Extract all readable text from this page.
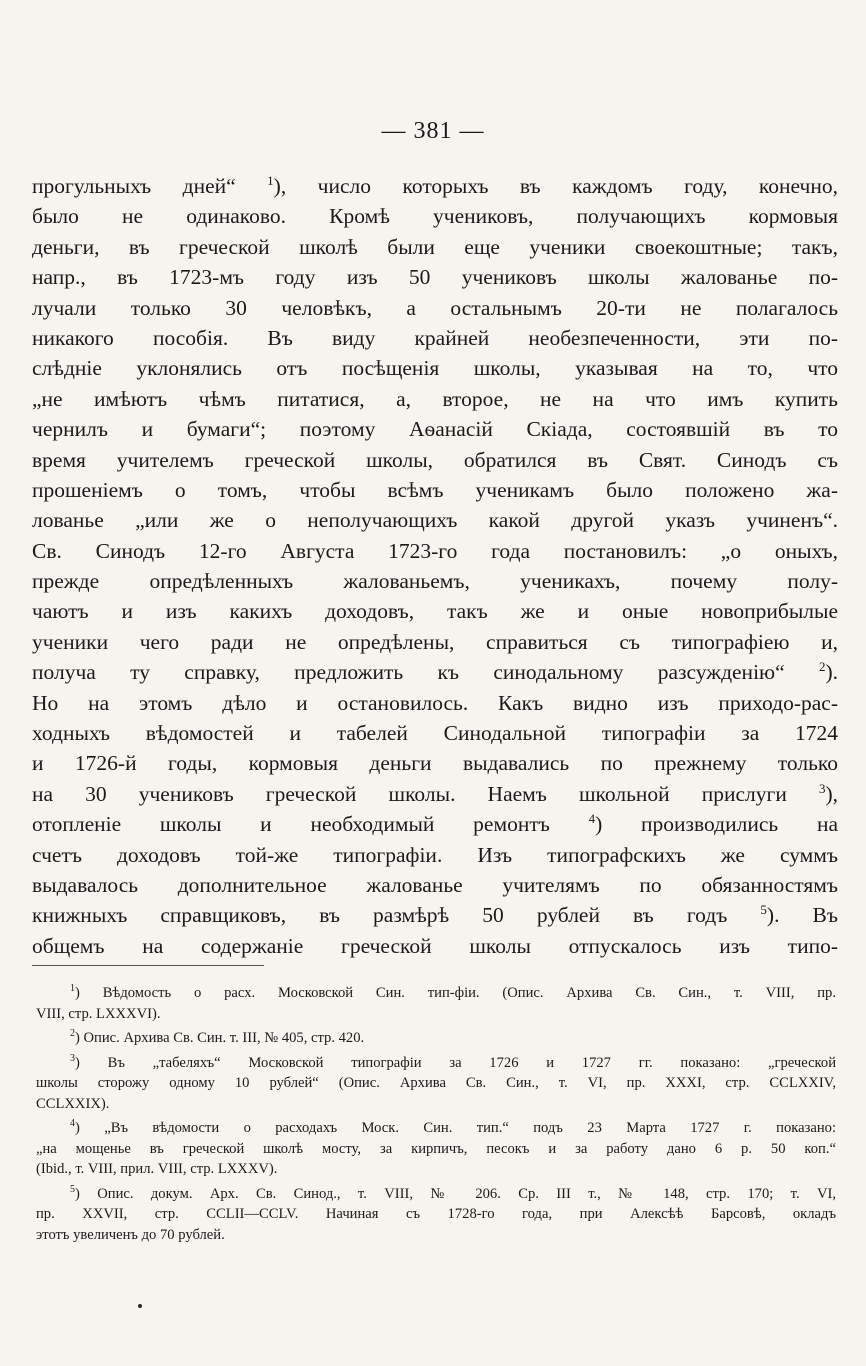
— 381 —
прогульныхъ дней“ $^1$), число которыхъ въ каждомъ году, конечно,
было не одинаково. Кромѣ учениковъ, получающихъ кормовыя
деньги, въ греческой школѣ были еще ученики своекоштные; такъ,
напр., въ 1723-мъ году изъ 50 учениковъ школы жалованье по-
лучали только 30 человѣкъ, а остальнымъ 20-ти не полагалось
никакого пособія. Въ виду крайней необезпеченности, эти по-
слѣдніе уклонялись отъ посѣщенія школы, указывая на то, что
„не имѣютъ чѣмъ питатися, а, второе, не на что имъ купить
чернилъ и бумаги“; поэтому Аѳанасій Скіада, состоявшій въ то
время учителемъ греческой школы, обратился въ Свят. Синодъ съ
прошеніемъ о томъ, чтобы всѣмъ ученикамъ было положено жа-
лованье „или же о неполучающихъ какой другой указъ учиненъ“.
Св. Синодъ 12-го Августа 1723-го года постановилъ: „о оныхъ,
прежде опредѣленныхъ жалованьемъ, ученикахъ, почему полу-
чаютъ и изъ какихъ доходовъ, такъ же и оные новоприбылые
ученики чего ради не опредѣлены, справиться съ типографіею и,
получа ту справку, предложить къ синодальному разсужденію“ $^2$).
Но на этомъ дѣло и остановилось. Какъ видно изъ приходо-рас-
ходныхъ вѣдомостей и табелей Синодальной типографіи за 1724
и 1726-й годы, кормовыя деньги выдавались по прежнему только
на 30 учениковъ греческой школы. Наемъ школьной прислуги $^3$),
отопленіе школы и необходимый ремонтъ $^4$) производились на
счетъ доходовъ той-же типографіи. Изъ типографскихъ же суммъ
выдавалось дополнительное жалованье учителямъ по обязанностямъ
книжныхъ справщиковъ, въ размѣрѣ 50 рублей въ годъ $^5$). Въ
общемъ на содержаніе греческой школы отпускалось изъ типо-
$^1$) Вѣдомость о расх. Московской Син. тип-фіи. (Опис. Архива Св. Син., т. VIII, пр.
VIII, стр. LXXXVI).
$^2$) Опис. Архива Св. Син. т. III, № 405, стр. 420.
$^3$) Въ „табеляхъ“ Московской типографіи за 1726 и 1727 гг. показано: „греческой
школы сторожу одному 10 рублей“ (Опис. Архива Св. Син., т. VI, пр. XXXI, стр. CCLXXIV,
CCLXXIX).
$^4$) „Въ вѣдомости о расходахъ Моск. Син. тип.“ подъ 23 Марта 1727 г. показано:
„на мощенье въ греческой школѣ мосту, за кирпичъ, песокъ и за работу дано 6 р. 50 коп.“
(Ibid., т. VIII, прил. VIII, стр. LXXXV).
$^5$) Опис. докум. Арх. Св. Синод., т. VIII, № 206. Ср. III т., № 148, стр. 170; т. VI,
пр. XXVII, стр. CCLII—CCLV. Начиная съ 1728-го года, при Алексѣѣ Барсовѣ, окладъ
этотъ увеличенъ до 70 рублей.
